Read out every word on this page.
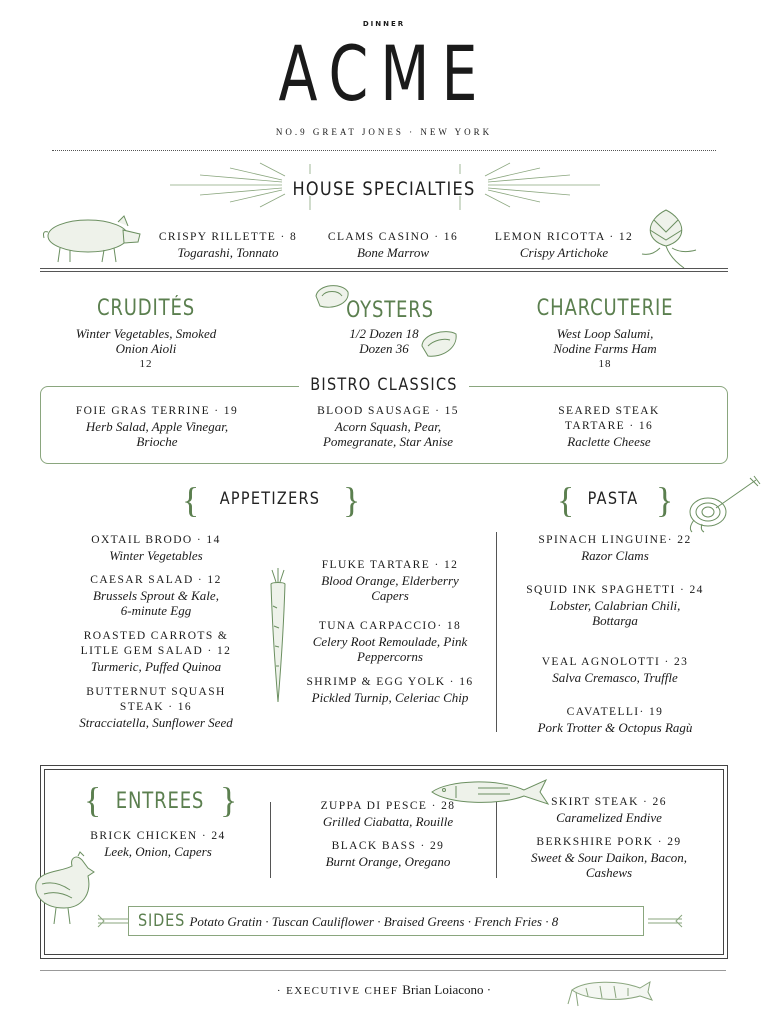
DINNER
ACME
NO.9 GREAT JONES · NEW YORK
HOUSE SPECIALTIES
CRISPY RILLETTE · 8
Togarashi, Tonnato
CLAMS CASINO · 16
Bone Marrow
LEMON RICOTTA · 12
Crispy Artichoke
CRUDITÉS
Winter Vegetables, Smoked
Onion Aioli
12
OYSTERS
1/2 Dozen 18
Dozen 36
CHARCUTERIE
West Loop Salumi,
Nodine Farms Ham
18
BISTRO CLASSICS
FOIE GRAS TERRINE · 19
Herb Salad, Apple Vinegar,
Brioche
BLOOD SAUSAGE · 15
Acorn Squash, Pear,
Pomegranate, Star Anise
SEARED STEAK
TARTARE · 16
Raclette Cheese
{	APPETIZERS }
OXTAIL BRODO · 14
Winter Vegetables
CAESAR SALAD · 12
Brussels Sprout & Kale,
6-minute Egg
ROASTED CARROTS &
LITLE GEM SALAD · 12
Turmeric, Puffed Quinoa
BUTTERNUT SQUASH
STEAK · 16
Stracciatella, Sunflower Seed
FLUKE TARTARE · 12
Blood Orange, Elderberry
Capers
TUNA CARPACCIO· 18
Celery Root Remoulade, Pink
Peppercorns
SHRIMP & EGG YOLK · 16
Pickled Turnip, Celeriac Chip
{ PASTA }
SPINACH LINGUINE· 22
Razor Clams
SQUID INK SPAGHETTI · 24
Lobster, Calabrian Chili,
Bottarga
VEAL AGNOLOTTI · 23
Salva Cremasco, Truffle
CAVATELLI· 19
Pork Trotter & Octopus Ragù
{ ENTREES }
BRICK CHICKEN · 24
Leek, Onion, Capers
ZUPPA DI PESCE · 28
Grilled Ciabatta, Rouille
BLACK BASS · 29
Burnt Orange, Oregano
SKIRT STEAK · 26
Caramelized Endive
BERKSHIRE PORK · 29
Sweet & Sour Daikon, Bacon,
Cashews
SIDES Potato Gratin · Tuscan Cauliflower · Braised Greens · French Fries · 8
· EXECUTIVE CHEF Brian Loiacono ·
